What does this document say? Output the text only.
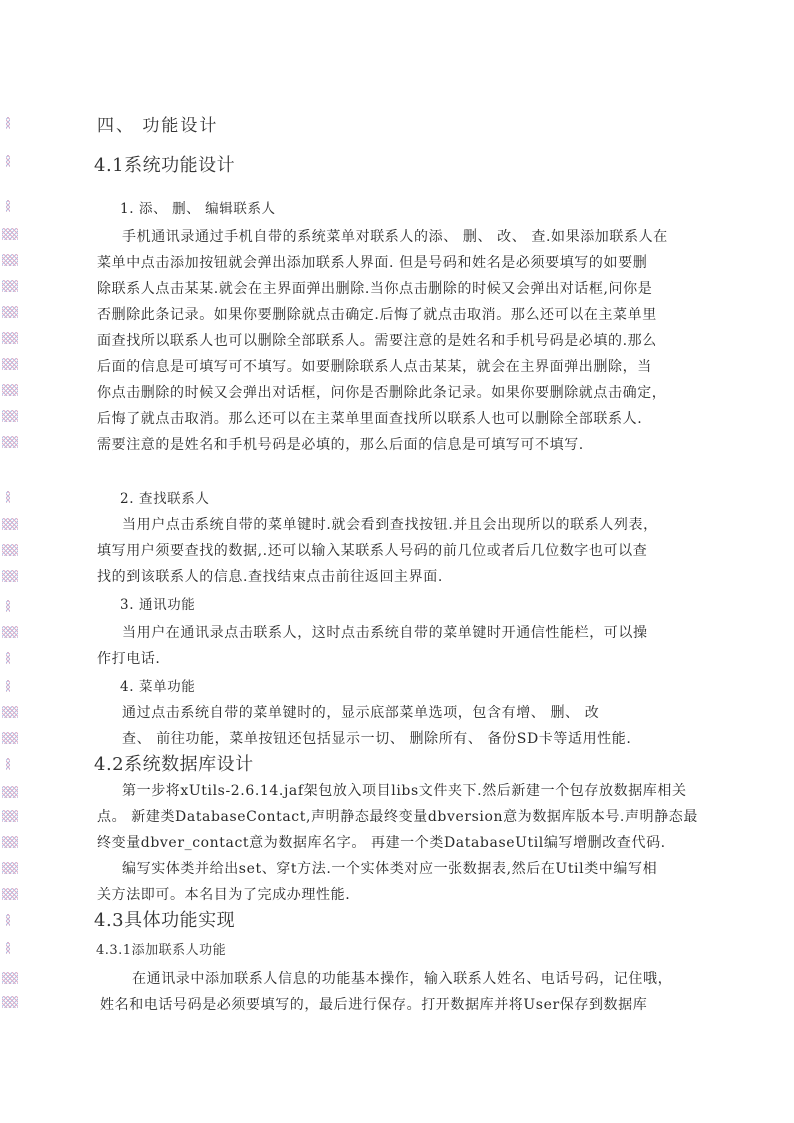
四、 功能设计
4.1系统功能设计
1. 添、 删、 编辑联系人
手机通讯录通过手机自带的系统菜单对联系人的添、 删、 改、 查.如果添加联系人在
菜单中点击添加按钮就会弹出添加联系人界面. 但是号码和姓名是必须要填写的如要删
除联系人点击某某.就会在主界面弹出删除.当你点击删除的时候又会弹出对话框,问你是
否删除此条记录。如果你要删除就点击确定.后悔了就点击取消。那么还可以在主菜单里
面查找所以联系人也可以删除全部联系人。需要注意的是姓名和手机号码是必填的.那么
后面的信息是可填写可不填写。如要删除联系人点击某某，就会在主界面弹出删除，当
你点击删除的时候又会弹出对话框，问你是否删除此条记录。如果你要删除就点击确定，
后悔了就点击取消。那么还可以在主菜单里面查找所以联系人也可以删除全部联系人.
需要注意的是姓名和手机号码是必填的，那么后面的信息是可填写可不填写.
2. 查找联系人
当用户点击系统自带的菜单键时.就会看到查找按钮.并且会出现所以的联系人列表，
填写用户须要查找的数据,.还可以输入某联系人号码的前几位或者后几位数字也可以查
找的到该联系人的信息.查找结束点击前往返回主界面.
3. 通讯功能
当用户在通讯录点击联系人，这时点击系统自带的菜单键时开通信性能栏，可以操
作打电话.
4. 菜单功能
通过点击系统自带的菜单键时的，显示底部菜单选项，包含有增、 删、 改
查、 前往功能，菜单按钮还包括显示一切、 删除所有、 备份SD卡等适用性能.
4.2系统数据库设计
第一步将xUtils-2.6.14.jaf架包放入项目libs文件夹下.然后新建一个包存放数据库相关
点。 新建类DatabaseContact,声明静态最终变量dbversion意为数据库版本号.声明静态最
终变量dbver_contact意为数据库名字。 再建一个类DatabaseUtil编写增删改查代码.
编写实体类并给出set、穿t方法.一个实体类对应一张数据表,然后在Util类中编写相
关方法即可。本名目为了完成办理性能.
4.3具体功能实现
4.3.1添加联系人功能
在通讯录中添加联系人信息的功能基本操作，输入联系人姓名、电话号码，记住哦，
姓名和电话号码是必须要填写的，最后进行保存。打开数据库并将User保存到数据库
